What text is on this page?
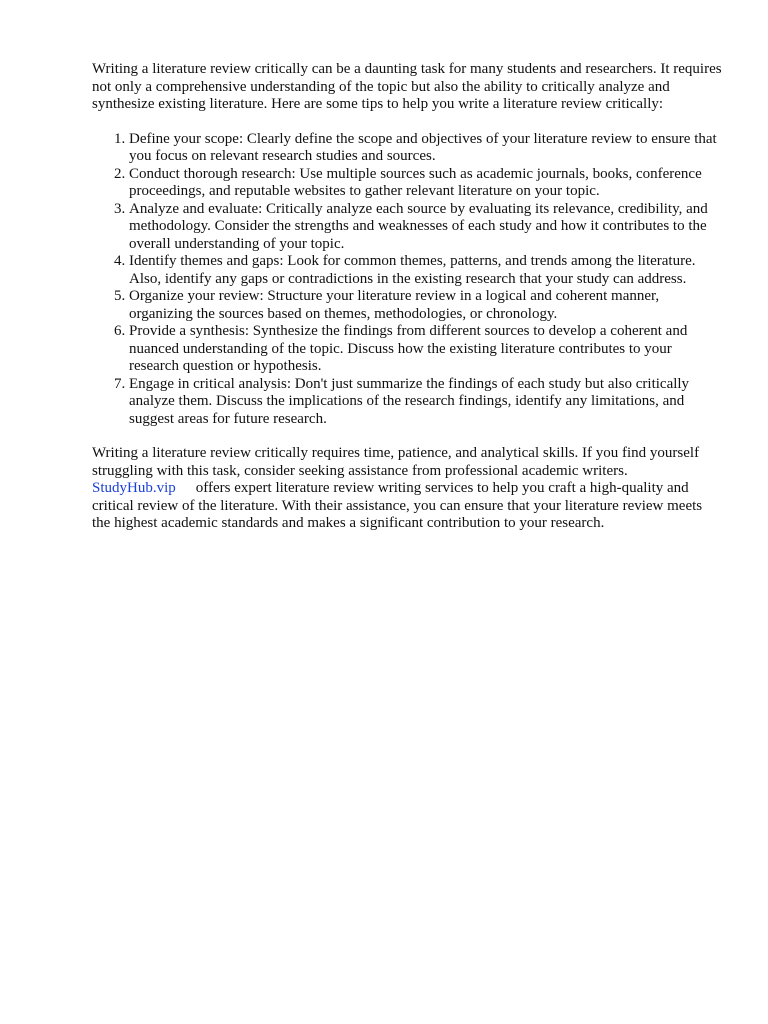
Writing a literature review critically can be a daunting task for many students and researchers. It requires not only a comprehensive understanding of the topic but also the ability to critically analyze and synthesize existing literature. Here are some tips to help you write a literature review critically:

1. Define your scope: Clearly define the scope and objectives of your literature review to ensure that you focus on relevant research studies and sources.
2. Conduct thorough research: Use multiple sources such as academic journals, books, conference proceedings, and reputable websites to gather relevant literature on your topic.
3. Analyze and evaluate: Critically analyze each source by evaluating its relevance, credibility, and methodology. Consider the strengths and weaknesses of each study and how it contributes to the overall understanding of your topic.
4. Identify themes and gaps: Look for common themes, patterns, and trends among the literature. Also, identify any gaps or contradictions in the existing research that your study can address.
5. Organize your review: Structure your literature review in a logical and coherent manner, organizing the sources based on themes, methodologies, or chronology.
6. Provide a synthesis: Synthesize the findings from different sources to develop a coherent and nuanced understanding of the topic. Discuss how the existing literature contributes to your research question or hypothesis.
7. Engage in critical analysis: Don't just summarize the findings of each study but also critically analyze them. Discuss the implications of the research findings, identify any limitations, and suggest areas for future research.

Writing a literature review critically requires time, patience, and analytical skills. If you find yourself struggling with this task, consider seeking assistance from professional academic writers. StudyHub.vip offers expert literature review writing services to help you craft a high-quality and critical review of the literature. With their assistance, you can ensure that your literature review meets the highest academic standards and makes a significant contribution to your research.
